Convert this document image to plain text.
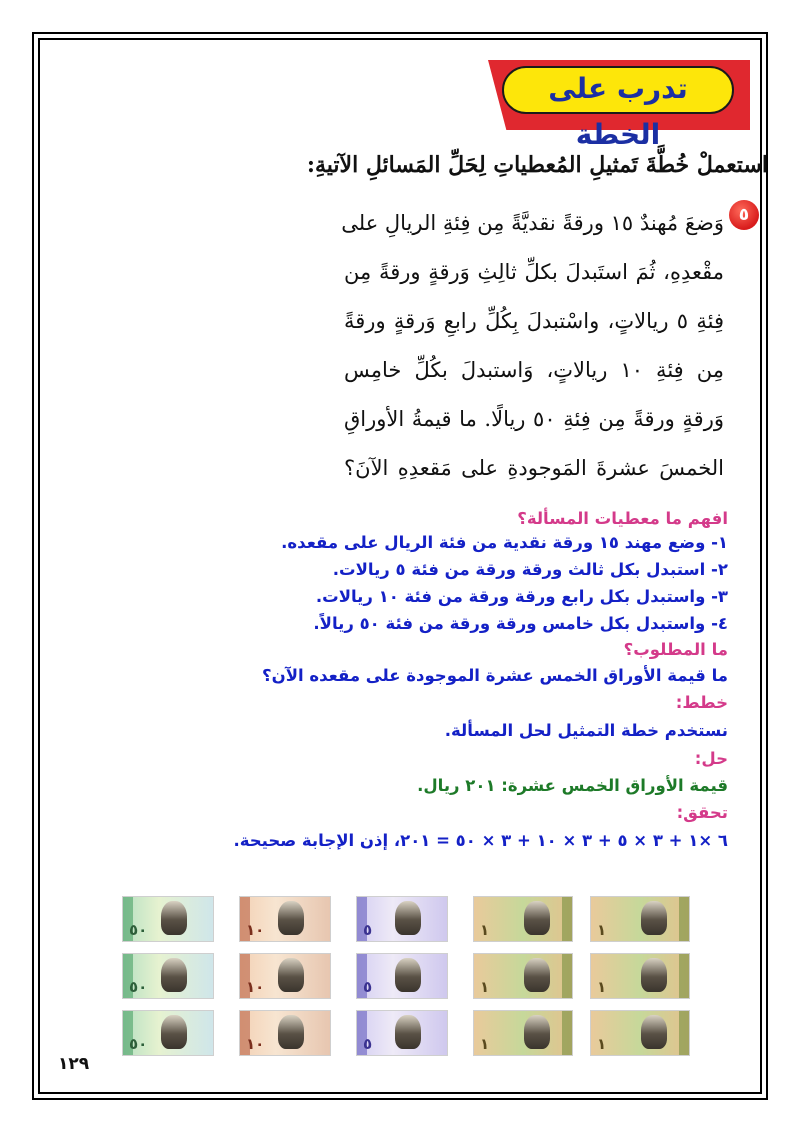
تدرب على الخطة
استعملْ خُطَّةَ تَمثيلِ المُعطياتِ لِحَلِّ المَسائلِ الآتيةِ:
٥
وَضعَ مُهندٌ ١٥ ورقةً نقديَّةً مِن فِئةِ الريالِ على
مقْعدِهِ، ثُمَ استَبدلَ بكلِّ ثالِثِ وَرقةٍ ورقةً مِن
فِئةِ ٥ ريالاتٍ، واسْتبدلَ بِكُلِّ رابعِ وَرقةٍ ورقةً
مِن فِئةِ ١٠ ريالاتٍ، وَاستبدلَ بكُلِّ خامِس
وَرقةٍ ورقةً مِن فِئةِ ٥٠ ريالًا. ما قيمةُ الأوراقِ
الخمسَ عشرةَ المَوجودةِ على مَقعدِهِ الآنَ؟
افهم ما معطيات المسألة؟
١- وضع مهند ١٥ ورقة نقدية من فئة الريال على مقعده.
٢- استبدل بكل ثالث ورقة ورقة من فئة ٥ ريالات.
٣- واستبدل بكل رابع ورقة ورقة من فئة ١٠ ريالات.
٤- واستبدل بكل خامس ورقة ورقة من فئة ٥٠ ريالاً.
ما المطلوب؟
ما قيمة الأوراق الخمس عشرة الموجودة على مقعده الآن؟
خطط:
نستخدم خطة التمثيل لحل المسألة.
حل:
قيمة الأوراق الخمس عشرة: ٢٠١ ريال.
تحقق:
٦ ×١ + ٣ × ٥ + ٣ × ١٠ + ٣ × ٥٠ = ٢٠١، إذن الإجابة صحيحة.
٥٠	١٠	٥	١	١
٥٠	١٠	٥	١	١
٥٠	١٠	٥	١	١
١٢٩
